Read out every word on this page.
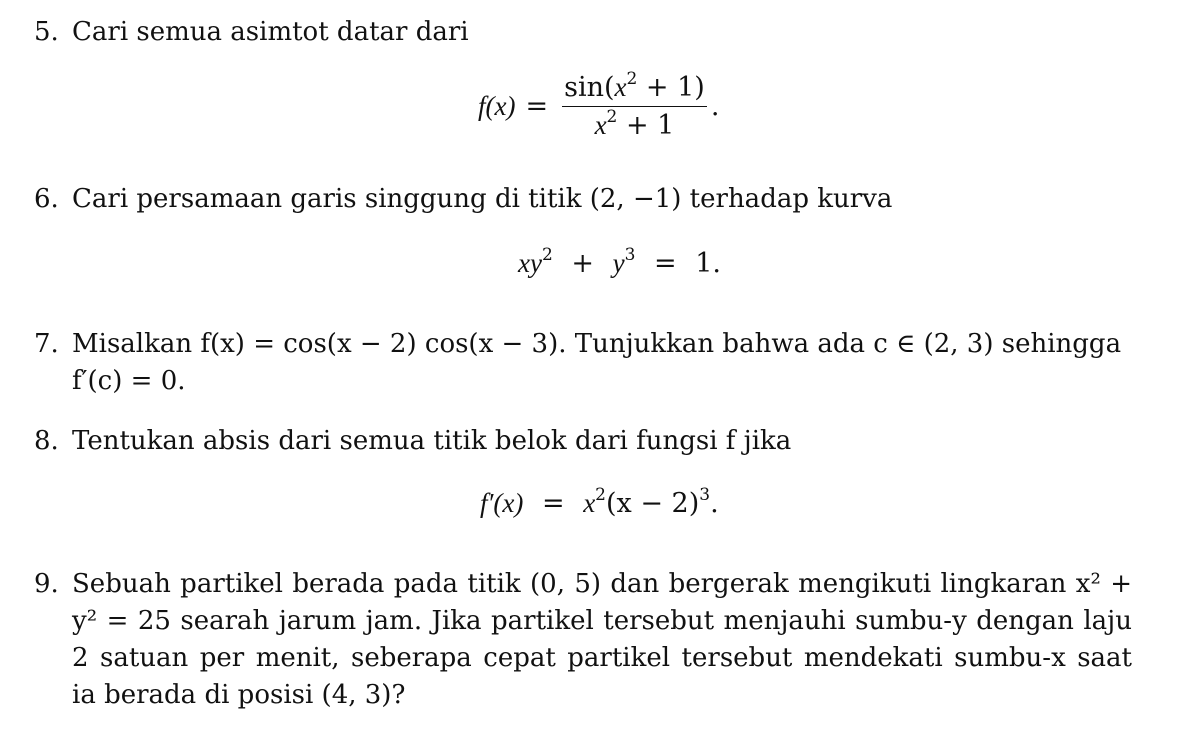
5. Cari semua asimtot datar dari
$f(x) = \frac{\sin(x^2 + 1)}{x^2 + 1}$ .
6. Cari persamaan garis singgung di titik (2, −1) terhadap kurva
$xy^2 + y^3 = 1$.
7. Misalkan f(x) = cos(x − 2) cos(x − 3). Tunjukkan bahwa ada c ∈ (2, 3) sehingga
f′(c) = 0.
8. Tentukan absis dari semua titik belok dari fungsi f jika
$f'(x) = x^2(x - 2)^3$.
9. Sebuah partikel berada pada titik (0, 5) dan bergerak mengikuti lingkaran x² + y² = 25 searah jarum jam. Jika partikel tersebut menjauhi sumbu-y dengan laju 2 satuan per menit, seberapa cepat partikel tersebut mendekati sumbu-x saat ia berada di posisi (4, 3)?
